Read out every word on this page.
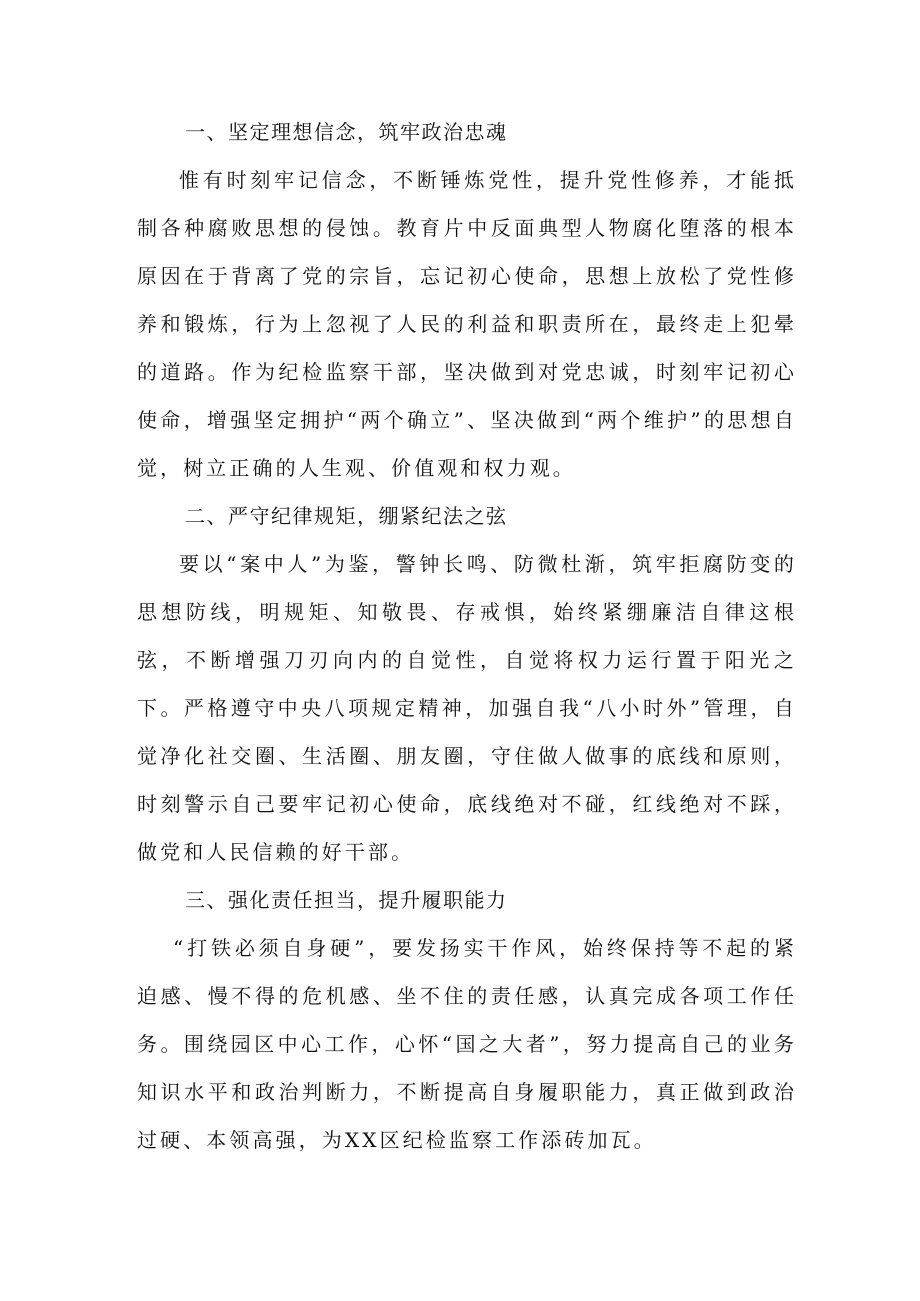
一、坚定理想信念，筑牢政治忠魂

惟有时刻牢记信念，不断锤炼党性，提升党性修养，才能抵制各种腐败思想的侵蚀。教育片中反面典型人物腐化堕落的根本原因在于背离了党的宗旨，忘记初心使命，思想上放松了党性修养和锻炼，行为上忽视了人民的利益和职责所在，最终走上犯晕的道路。作为纪检监察干部，坚决做到对党忠诚，时刻牢记初心使命，增强坚定拥护“两个确立”、坚决做到“两个维护”的思想自觉，树立正确的人生观、价值观和权力观。

二、严守纪律规矩，绷紧纪法之弦

要以“案中人”为鉴，警钟长鸣、防微杜渐，筑牢拒腐防变的思想防线，明规矩、知敬畏、存戒惧，始终紧绷廉洁自律这根弦，不断增强刀刃向内的自觉性，自觉将权力运行置于阳光之下。严格遵守中央八项规定精神，加强自我“八小时外”管理，自觉净化社交圈、生活圈、朋友圈，守住做人做事的底线和原则，时刻警示自己要牢记初心使命，底线绝对不碰，红线绝对不踩，做党和人民信赖的好干部。

三、强化责任担当，提升履职能力

“打铁必须自身硬”，要发扬实干作风，始终保持等不起的紧迫感、慢不得的危机感、坐不住的责任感，认真完成各项工作任务。围绕园区中心工作，心怀“国之大者”，努力提高自己的业务知识水平和政治判断力，不断提高自身履职能力，真正做到政治过硬、本领高强，为XX区纪检监察工作添砖加瓦。
